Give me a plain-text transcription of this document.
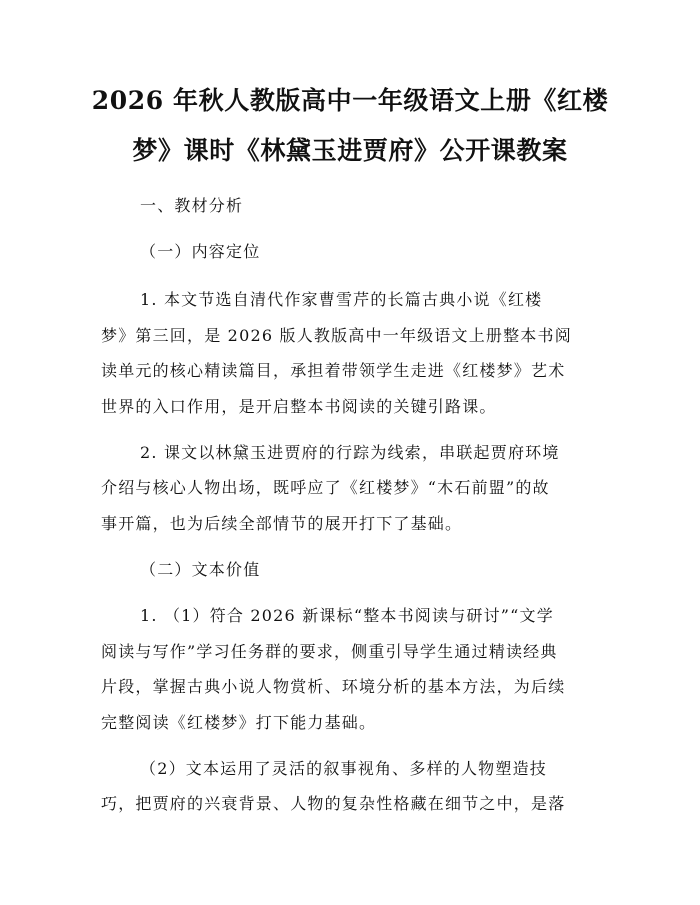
2026 年秋人教版高中一年级语文上册《红楼
梦》课时《林黛玉进贾府》公开课教案

一、教材分析

（一）内容定位

1. 本文节选自清代作家曹雪芹的长篇古典小说《红楼

梦》第三回，是 2026 版人教版高中一年级语文上册整本书阅

读单元的核心精读篇目，承担着带领学生走进《红楼梦》艺术

世界的入口作用，是开启整本书阅读的关键引路课。

2. 课文以林黛玉进贾府的行踪为线索，串联起贾府环境

介绍与核心人物出场，既呼应了《红楼梦》“木石前盟”的故

事开篇，也为后续全部情节的展开打下了基础。

（二）文本价值

1. （1）符合 2026 新课标“整本书阅读与研讨”“文学

阅读与写作”学习任务群的要求，侧重引导学生通过精读经典

片段，掌握古典小说人物赏析、环境分析的基本方法，为后续

完整阅读《红楼梦》打下能力基础。

（2）文本运用了灵活的叙事视角、多样的人物塑造技

巧，把贾府的兴衰背景、人物的复杂性格藏在细节之中，是落
